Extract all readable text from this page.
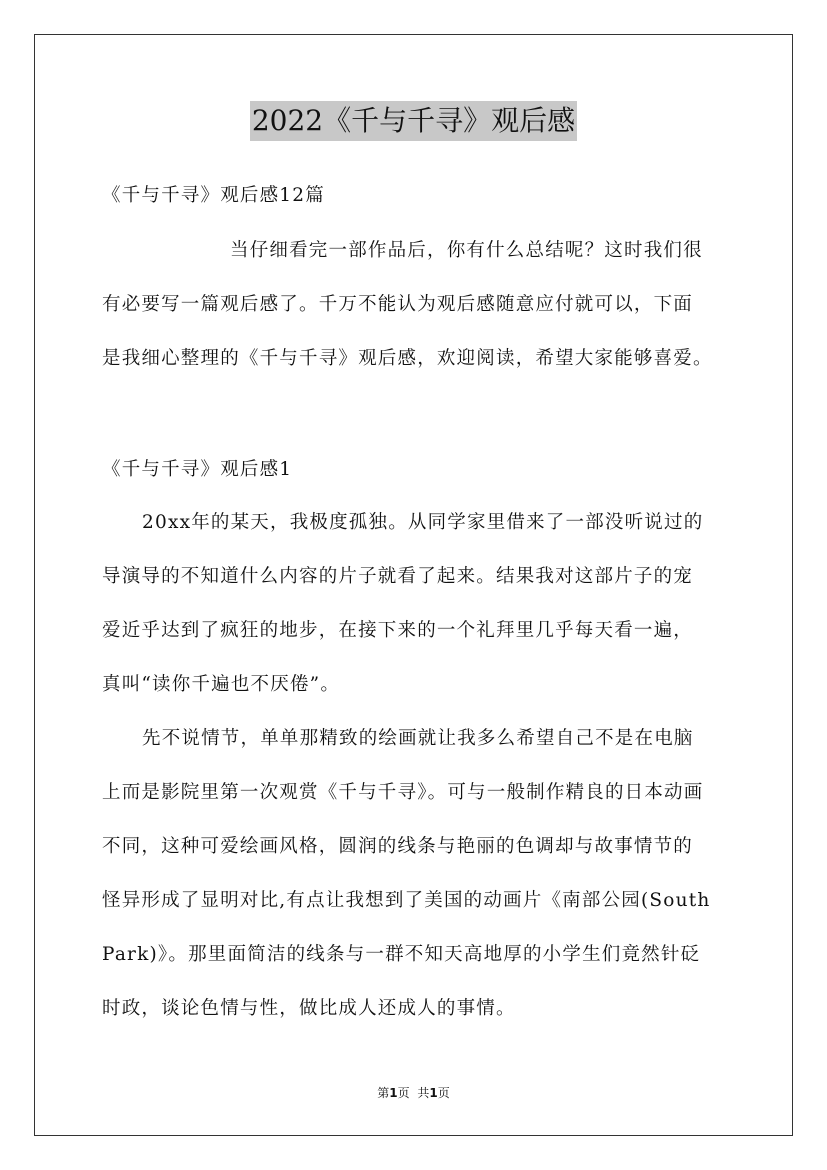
2022《千与千寻》观后感
《千与千寻》观后感12篇
当仔细看完一部作品后，你有什么总结呢？这时我们很
有必要写一篇观后感了。千万不能认为观后感随意应付就可以，下面
是我细心整理的《千与千寻》观后感，欢迎阅读，希望大家能够喜爱。
《千与千寻》观后感1
20xx年的某天，我极度孤独。从同学家里借来了一部没听说过的
导演导的不知道什么内容的片子就看了起来。结果我对这部片子的宠
爱近乎达到了疯狂的地步，在接下来的一个礼拜里几乎每天看一遍，
真叫“读你千遍也不厌倦”。
先不说情节，单单那精致的绘画就让我多么希望自己不是在电脑
上而是影院里第一次观赏《千与千寻》。可与一般制作精良的日本动画
不同，这种可爱绘画风格，圆润的线条与艳丽的色调却与故事情节的
怪异形成了显明对比,有点让我想到了美国的动画片《南部公园(South
Park)》。那里面简洁的线条与一群不知天高地厚的小学生们竟然针砭
时政，谈论色情与性，做比成人还成人的事情。
第1页 共1页
